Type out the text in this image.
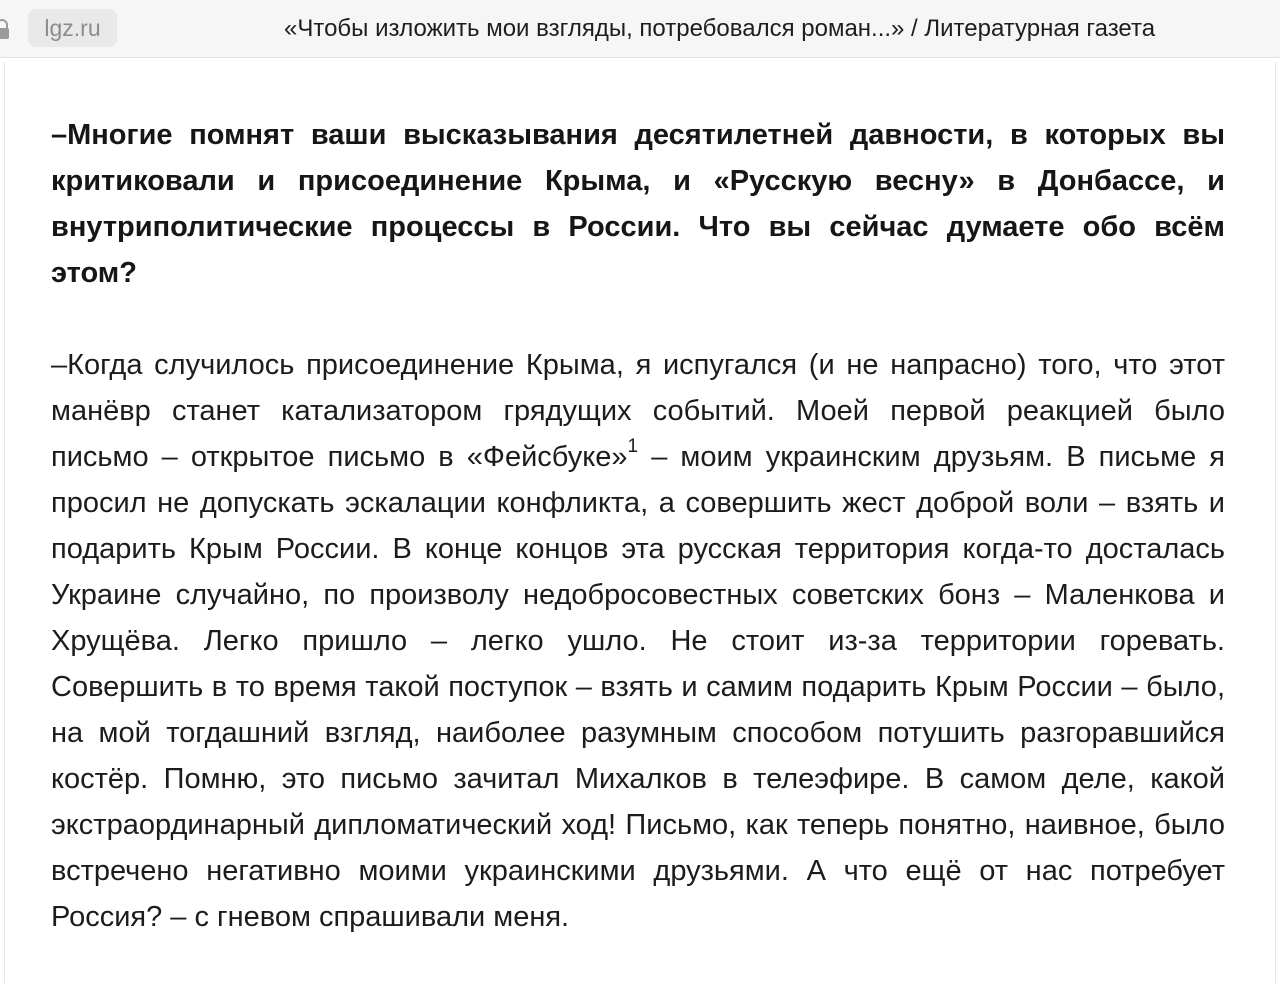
lgz.ru	«Чтобы изложить мои взгляды, потребовался роман...» / Литературная газета

–Многие помнят ваши высказывания десятилетней давности, в которых вы критиковали и присоединение Крыма, и «Русскую весну» в Донбассе, и внутриполитические процессы в России. Что вы сейчас думаете обо всём этом?

–Когда случилось присоединение Крыма, я испугался (и не напрасно) того, что этот манёвр станет катализатором грядущих событий. Моей первой реакцией было письмо – открытое письмо в «Фейсбуке»$^1$ – моим украинским друзьям. В письме я просил не допускать эскалации конфликта, а совершить жест доброй воли – взять и подарить Крым России. В конце концов эта русская территория когда-то досталась Украине случайно, по произволу недобросовестных советских бонз – Маленкова и Хрущёва. Легко пришло – легко ушло. Не стоит из-за территории горевать. Совершить в то время такой поступок – взять и самим подарить Крым России – было, на мой тогдашний взгляд, наиболее разумным способом потушить разгоравшийся костёр. Помню, это письмо зачитал Михалков в телеэфире. В самом деле, какой экстраординарный дипломатический ход! Письмо, как теперь понятно, наивное, было встречено негативно моими украинскими друзьями. А что ещё от нас потребует Россия? – с гневом спрашивали меня.
